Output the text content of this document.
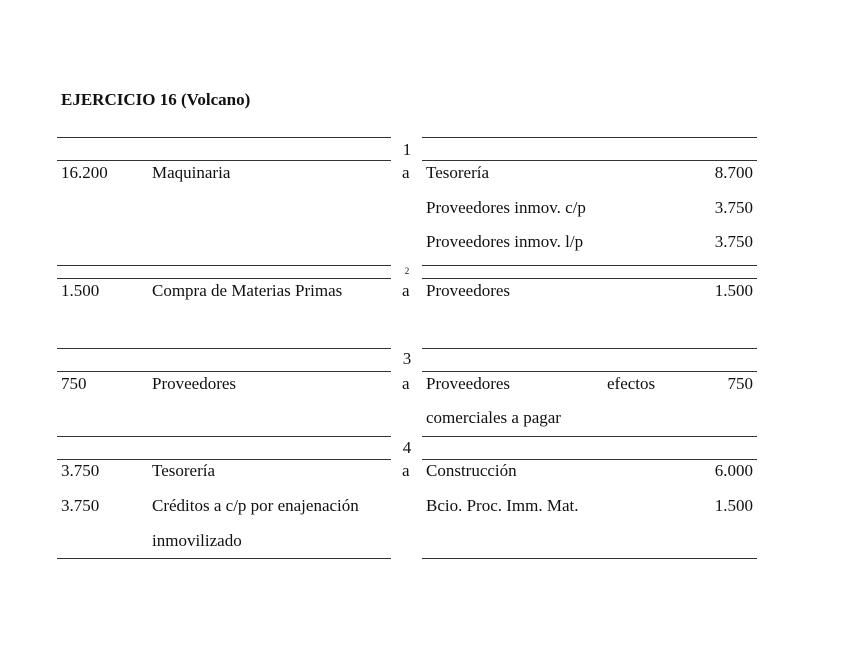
EJERCICIO 16 (Volcano)
1
16.200	Maquinaria	a Tesorería	8.700
Proveedores inmov. c/p	3.750
Proveedores inmov. l/p	3.750
2
1.500	Compra de Materias Primas	a Proveedores	1.500
3
750	Proveedores	a Proveedores	efectos	750
comerciales a pagar
4
3.750	Tesorería	a Construcción	6.000
3.750	Créditos a c/p por enajenación	Bcio. Proc. Imm. Mat.	1.500
inmovilizado
